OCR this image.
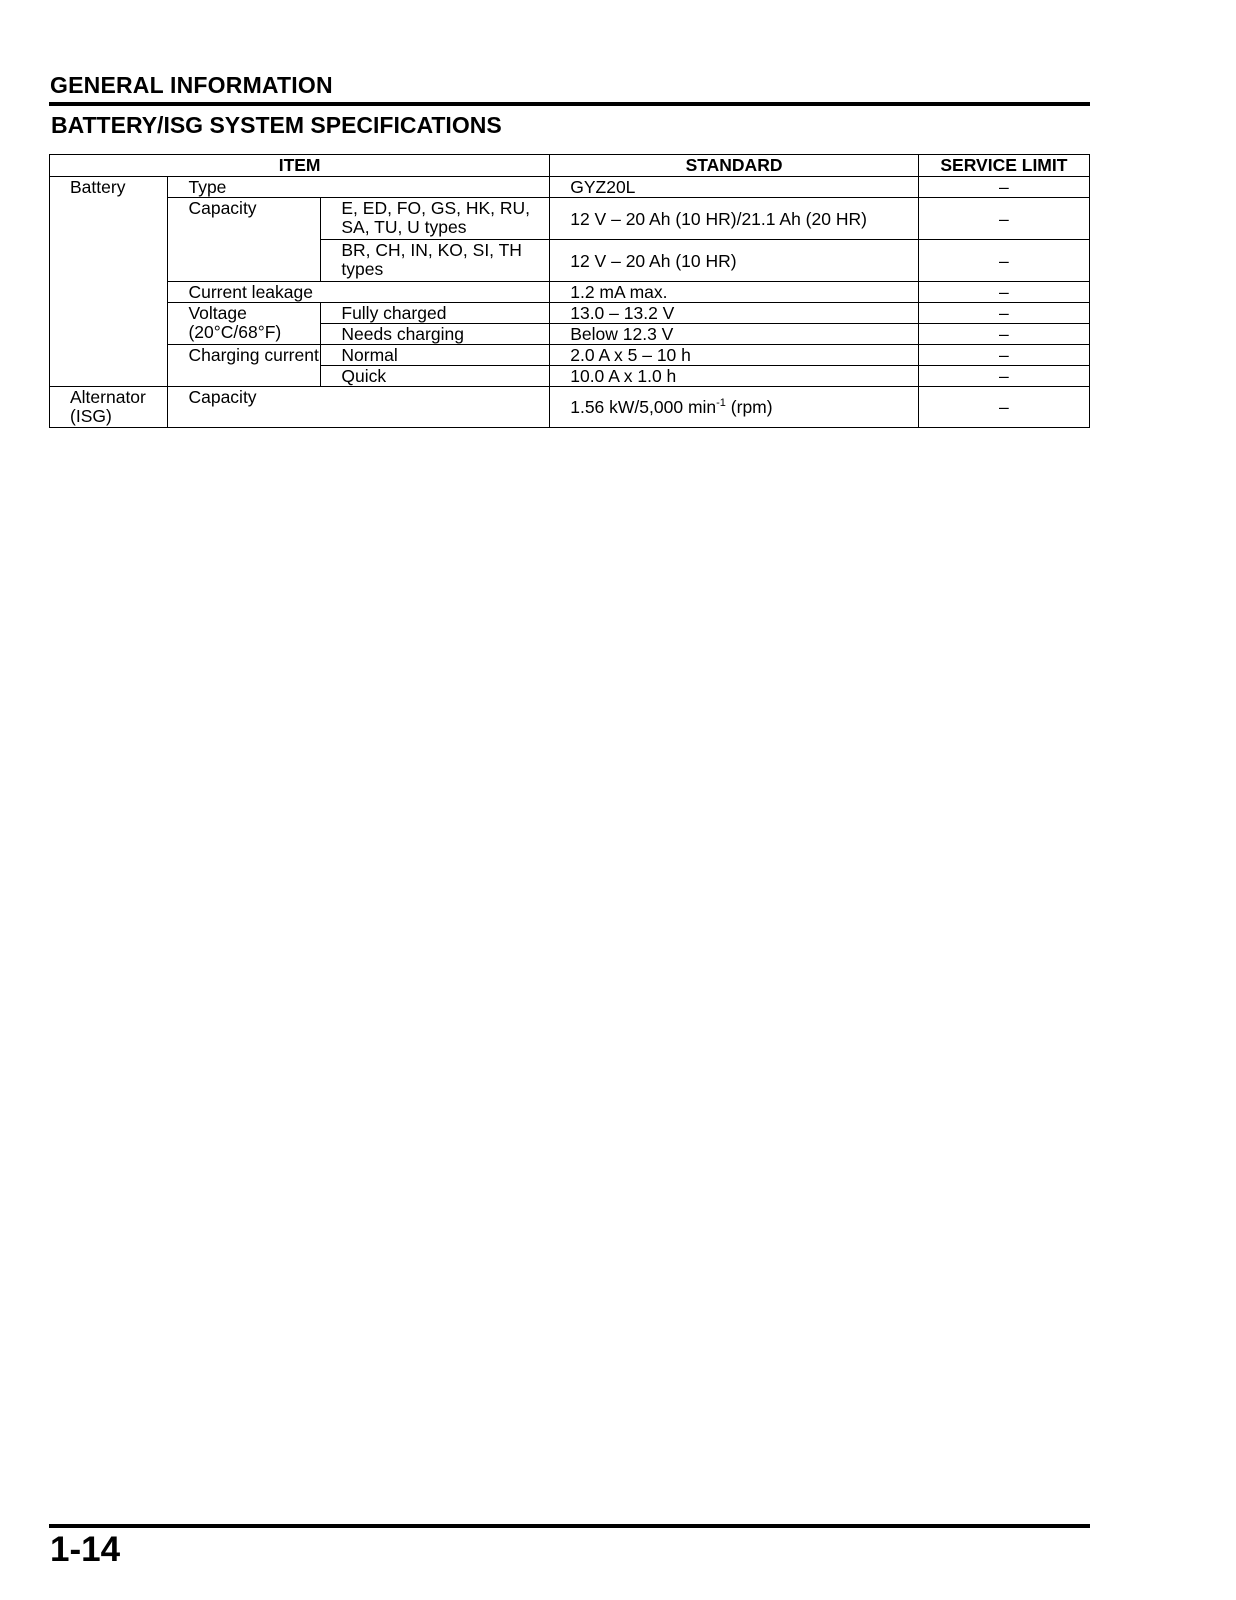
GENERAL INFORMATION
BATTERY/ISG SYSTEM SPECIFICATIONS
ITEM			STANDARD	SERVICE LIMIT
Battery	Type		GYZ20L	–
	Capacity	E, ED, FO, GS, HK, RU, SA, TU, U types	12 V – 20 Ah (10 HR)/21.1 Ah (20 HR)	–
		BR, CH, IN, KO, SI, TH types	12 V – 20 Ah (10 HR)	–
	Current leakage		1.2 mA max.	–
	Voltage (20°C/68°F)	Fully charged	13.0 – 13.2 V	–
		Needs charging	Below 12.3 V	–
	Charging current	Normal	2.0 A x 5 – 10 h	–
		Quick	10.0 A x 1.0 h	–

Alternator (ISG)	Capacity		1.56 kW/5,000 $\min^{-1} (rpm)$	–
1-14
